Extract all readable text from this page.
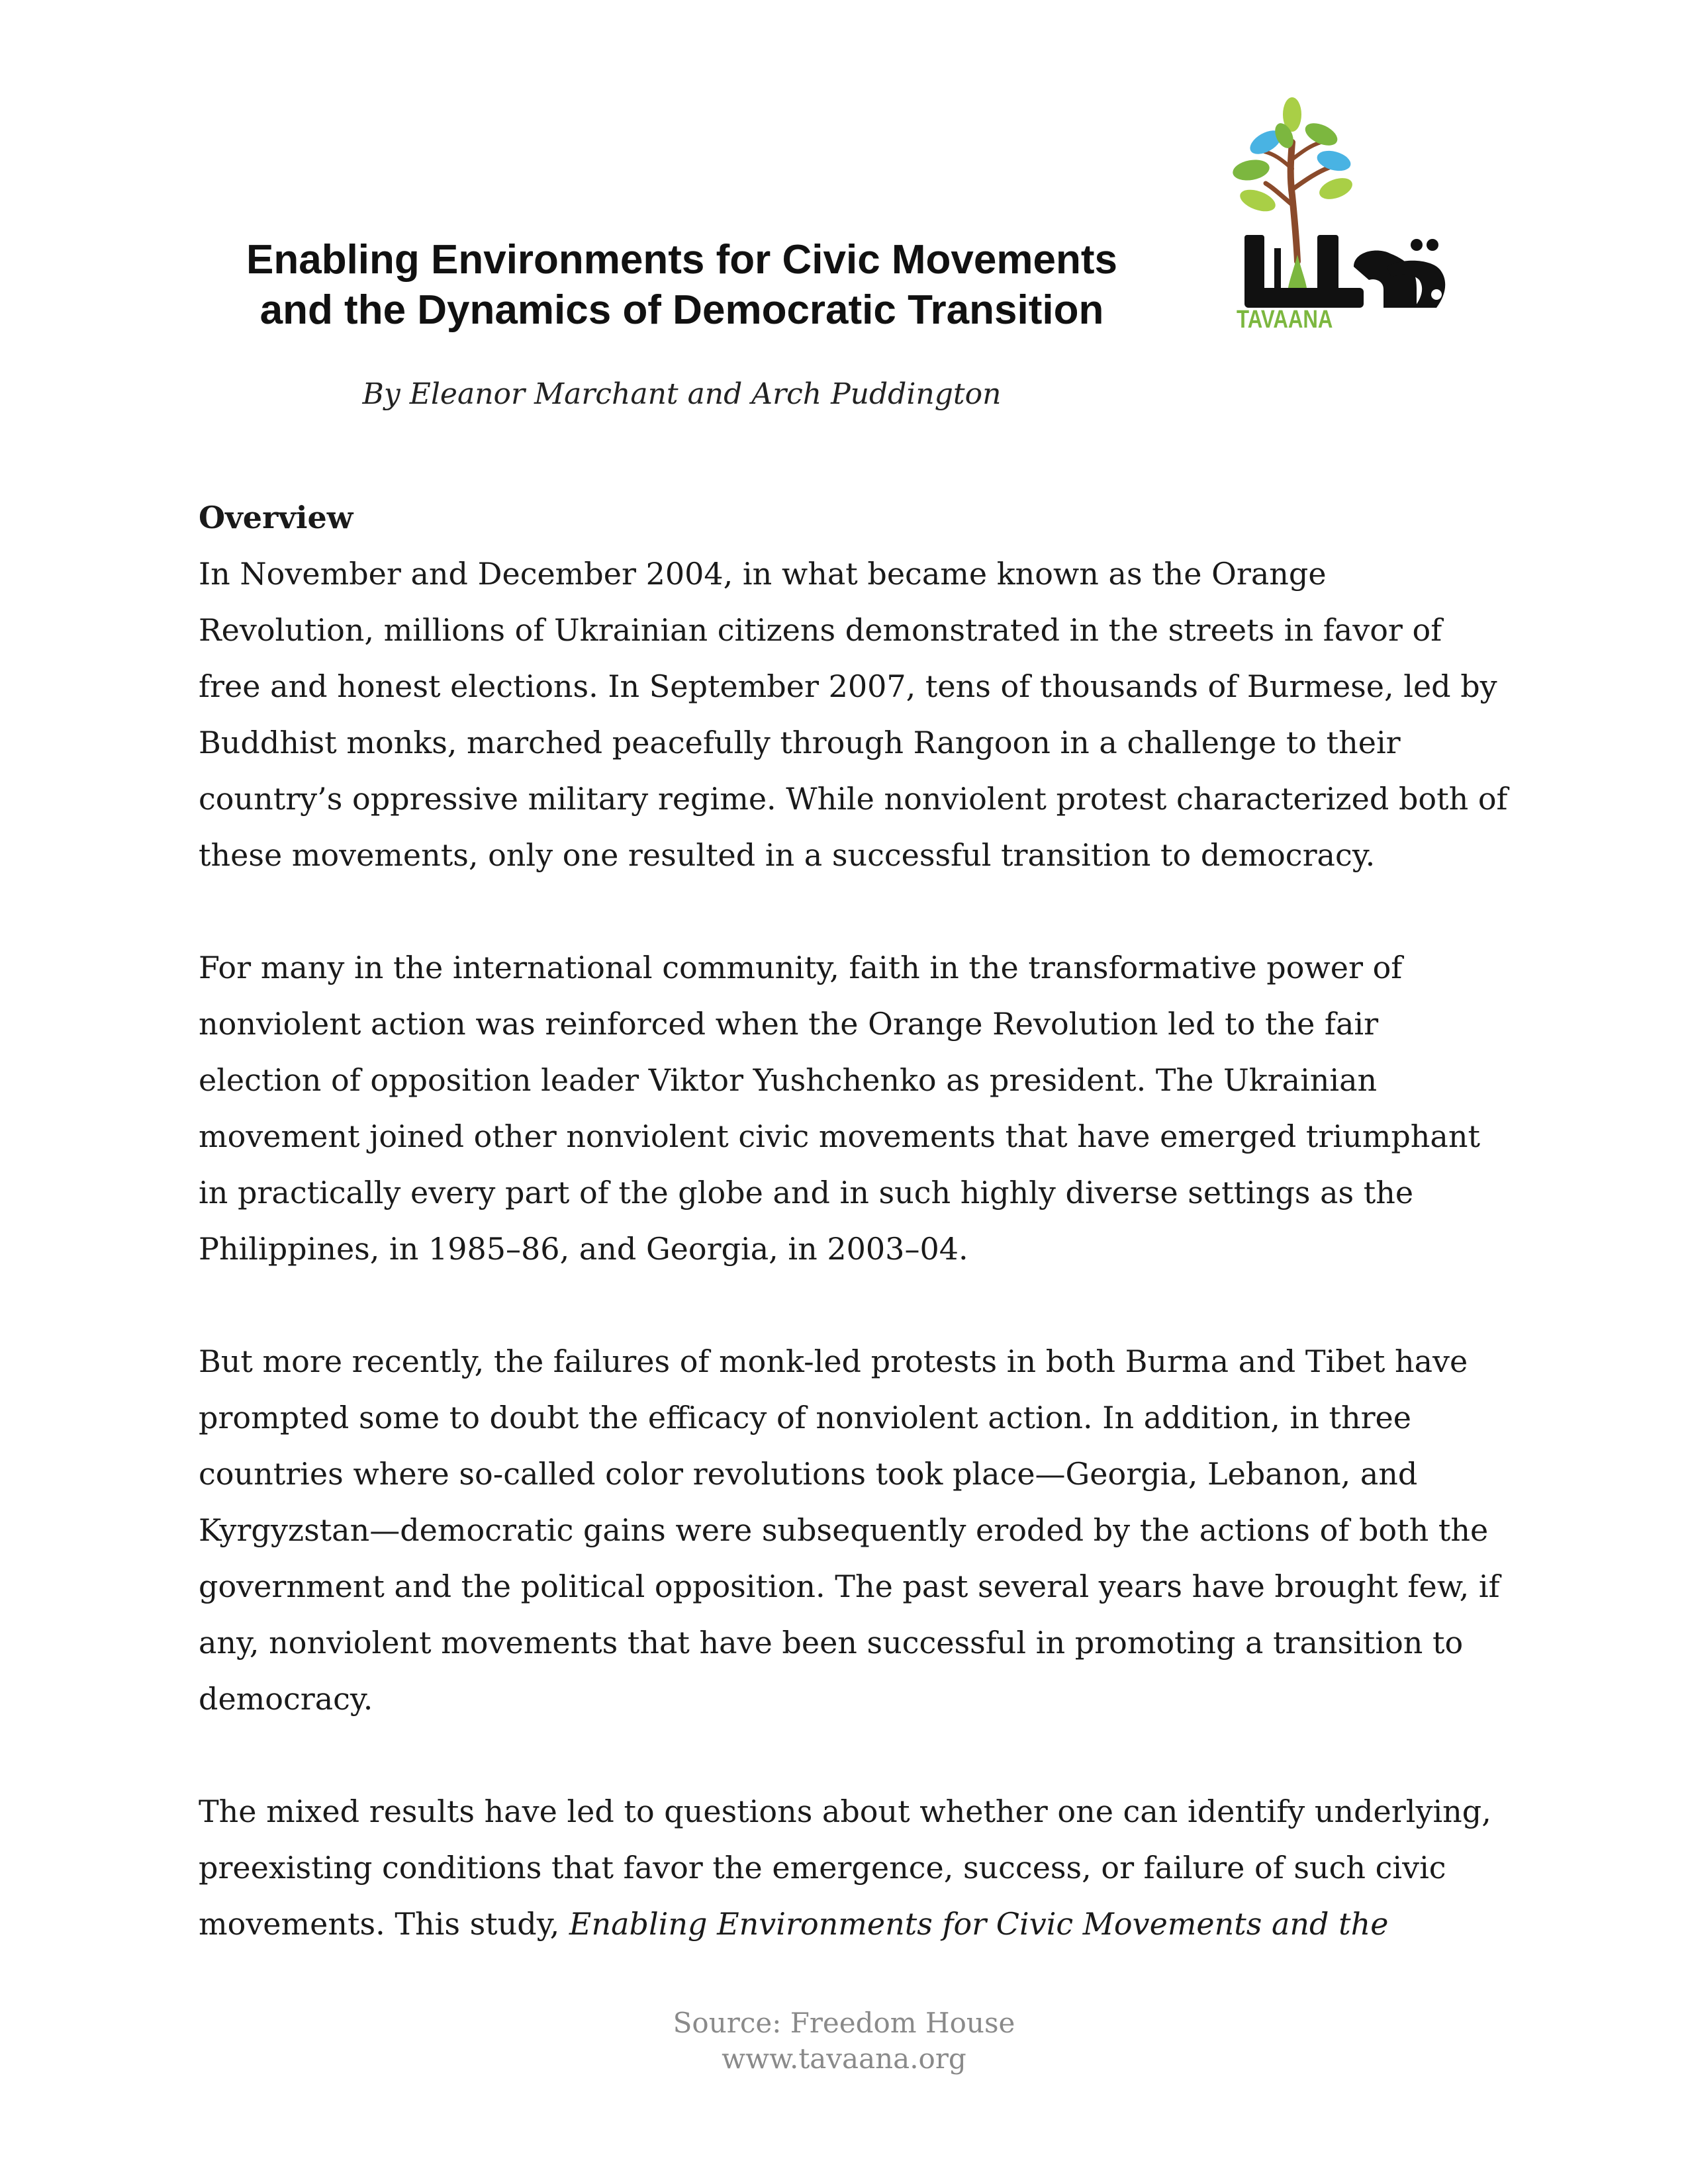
Enabling Environments for Civic Movements
and the Dynamics of Democratic Transition	TAVAANA

By Eleanor Marchant and Arch Puddington

Overview

In November and December 2004, in what became known as the Orange Revolution, millions of Ukrainian citizens demonstrated in the streets in favor of free and honest elections. In September 2007, tens of thousands of Burmese, led by Buddhist monks, marched peacefully through Rangoon in a challenge to their country’s oppressive military regime. While nonviolent protest characterized both of these movements, only one resulted in a successful transition to democracy.

For many in the international community, faith in the transformative power of nonviolent action was reinforced when the Orange Revolution led to the fair election of opposition leader Viktor Yushchenko as president. The Ukrainian movement joined other nonviolent civic movements that have emerged triumphant in practically every part of the globe and in such highly diverse settings as the Philippines, in 1985–86, and Georgia, in 2003–04.

But more recently, the failures of monk-led protests in both Burma and Tibet have prompted some to doubt the efficacy of nonviolent action. In addition, in three countries where so-called color revolutions took place—Georgia, Lebanon, and Kyrgyzstan—democratic gains were subsequently eroded by the actions of both the government and the political opposition. The past several years have brought few, if any, nonviolent movements that have been successful in promoting a transition to democracy.

The mixed results have led to questions about whether one can identify underlying, preexisting conditions that favor the emergence, success, or failure of such civic movements. This study, Enabling Environments for Civic Movements and the

Source: Freedom House
www.tavaana.org
